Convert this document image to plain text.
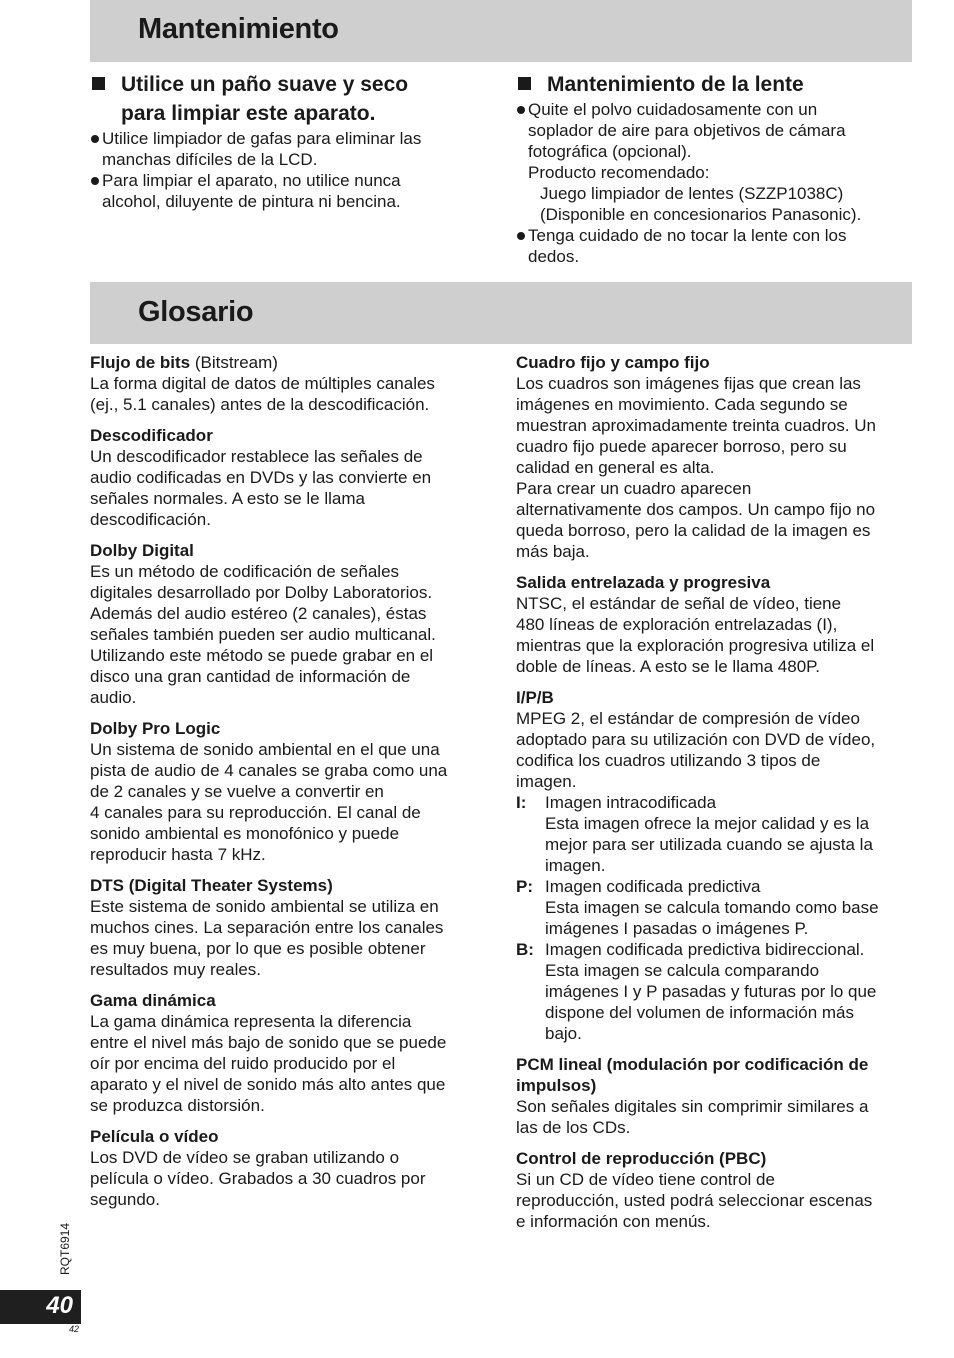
Mantenimiento
Utilice un paño suave y seco
para limpiar este aparato.
Utilice limpiador de gafas para eliminar las
manchas difíciles de la LCD.
Para limpiar el aparato, no utilice nunca
alcohol, diluyente de pintura ni bencina.
Mantenimiento de la lente
Quite el polvo cuidadosamente con un
soplador de aire para objetivos de cámara
fotográfica (opcional).
Producto recomendado:
Juego limpiador de lentes (SZZP1038C)
(Disponible en concesionarios Panasonic).
Tenga cuidado de no tocar la lente con los
dedos.
Glosario
Flujo de bits (Bitstream)
La forma digital de datos de múltiples canales
(ej., 5.1 canales) antes de la descodificación.
Descodificador
Un descodificador restablece las señales de
audio codificadas en DVDs y las convierte en
señales normales. A esto se le llama
descodificación.
Dolby Digital
Es un método de codificación de señales
digitales desarrollado por Dolby Laboratorios.
Además del audio estéreo (2 canales), éstas
señales también pueden ser audio multicanal.
Utilizando este método se puede grabar en el
disco una gran cantidad de información de
audio.
Dolby Pro Logic
Un sistema de sonido ambiental en el que una
pista de audio de 4 canales se graba como una
de 2 canales y se vuelve a convertir en
4 canales para su reproducción. El canal de
sonido ambiental es monofónico y puede
reproducir hasta 7 kHz.
DTS (Digital Theater Systems)
Este sistema de sonido ambiental se utiliza en
muchos cines. La separación entre los canales
es muy buena, por lo que es posible obtener
resultados muy reales.
Gama dinámica
La gama dinámica representa la diferencia
entre el nivel más bajo de sonido que se puede
oír por encima del ruido producido por el
aparato y el nivel de sonido más alto antes que
se produzca distorsión.
Película o vídeo
Los DVD de vídeo se graban utilizando o
película o vídeo. Grabados a 30 cuadros por
segundo.
Cuadro fijo y campo fijo
Los cuadros son imágenes fijas que crean las
imágenes en movimiento. Cada segundo se
muestran aproximadamente treinta cuadros. Un
cuadro fijo puede aparecer borroso, pero su
calidad en general es alta.
Para crear un cuadro aparecen
alternativamente dos campos. Un campo fijo no
queda borroso, pero la calidad de la imagen es
más baja.
Salida entrelazada y progresiva
NTSC, el estándar de señal de vídeo, tiene
480 líneas de exploración entrelazadas (I),
mientras que la exploración progresiva utiliza el
doble de líneas. A esto se le llama 480P.
I/P/B
MPEG 2, el estándar de compresión de vídeo
adoptado para su utilización con DVD de vídeo,
codifica los cuadros utilizando 3 tipos de
imagen.
I:	Imagen intracodificada
Esta imagen ofrece la mejor calidad y es la
mejor para ser utilizada cuando se ajusta la
imagen.
P: Imagen codificada predictiva
Esta imagen se calcula tomando como base
imágenes I pasadas o imágenes P.
B: Imagen codificada predictiva bidireccional.
Esta imagen se calcula comparando
imágenes I y P pasadas y futuras por lo que
dispone del volumen de información más
bajo.
PCM lineal (modulación por codificación de
impulsos)
Son señales digitales sin comprimir similares a
las de los CDs.
Control de reproducción (PBC)
Si un CD de vídeo tiene control de
reproducción, usted podrá seleccionar escenas
e información con menús.
RQT6914
40
42
